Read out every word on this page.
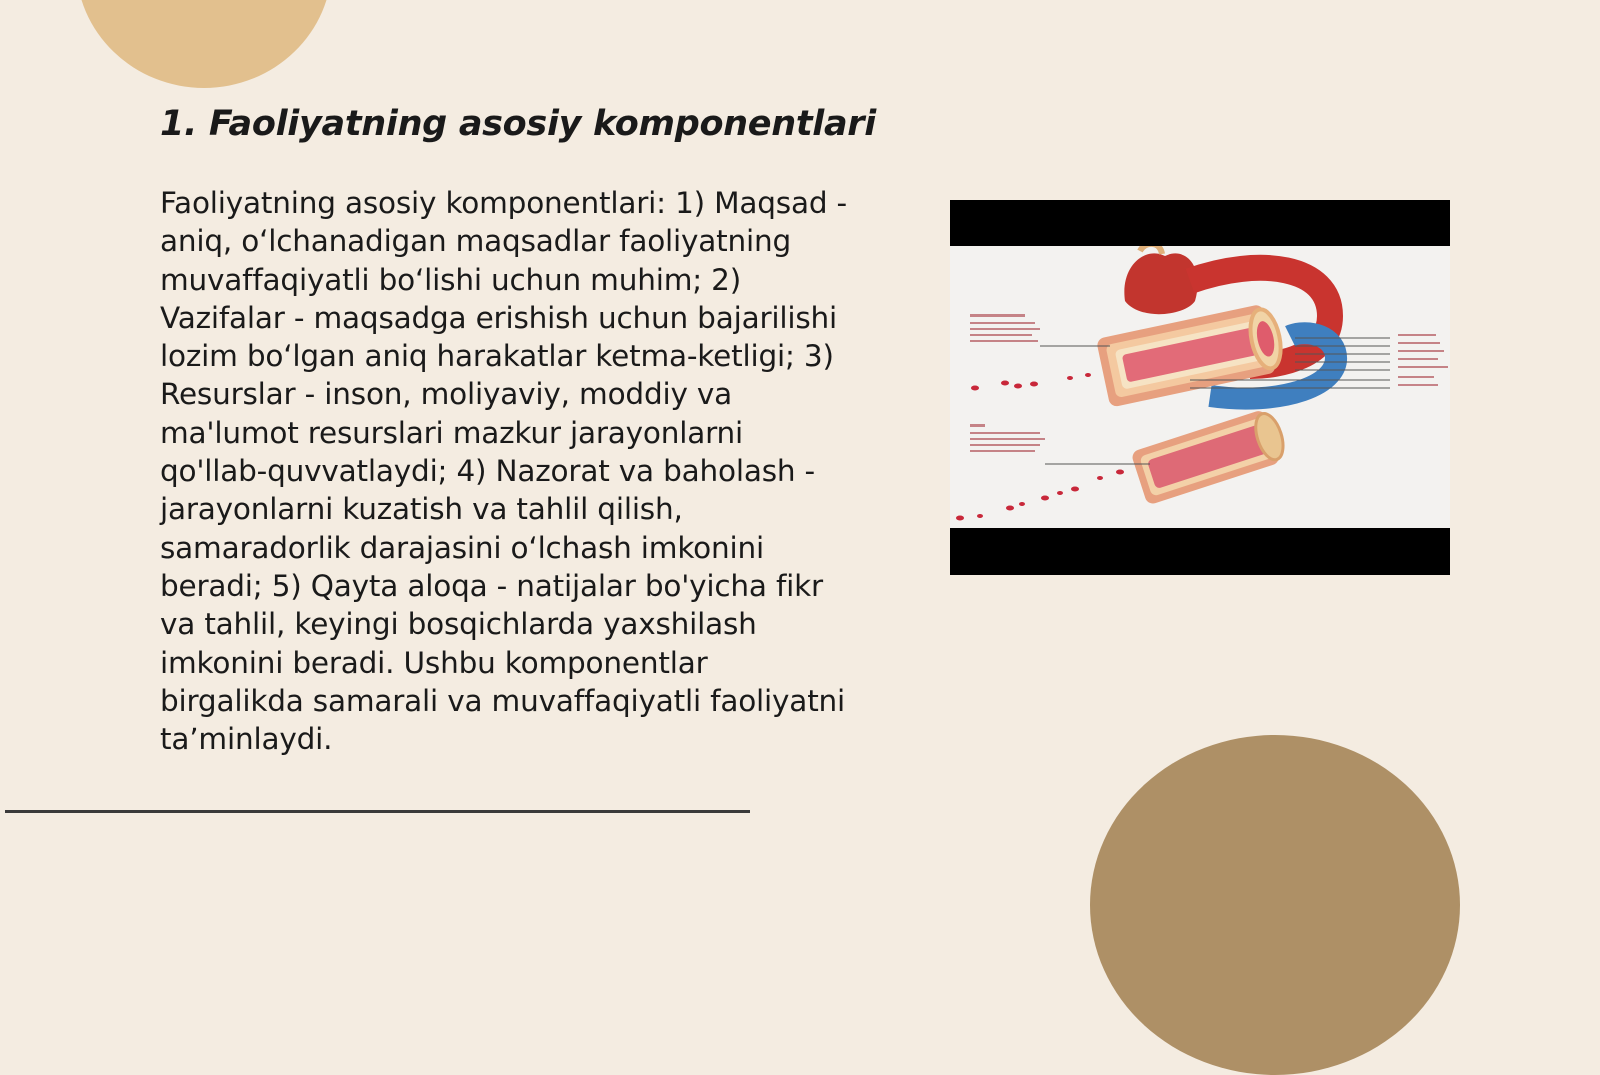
1. Faoliyatning asosiy komponentlari

Faoliyatning asosiy komponentlari: 1) Maqsad - aniq, oʻlchanadigan maqsadlar faoliyatning muvaffaqiyatli boʻlishi uchun muhim; 2) Vazifalar - maqsadga erishish uchun bajarilishi lozim boʻlgan aniq harakatlar ketma-ketligi; 3) Resurslar - inson, moliyaviy, moddiy va ma'lumot resurslari mazkur jarayonlarni qo'llab-quvvatlaydi; 4) Nazorat va baholash - jarayonlarni kuzatish va tahlil qilish, samaradorlik darajasini oʻlchash imkonini beradi; 5) Qayta aloqa - natijalar bo'yicha fikr va tahlil, keyingi bosqichlarda yaxshilash imkonini beradi. Ushbu komponentlar birgalikda samarali va muvaffaqiyatli faoliyatni taʼminlaydi.
